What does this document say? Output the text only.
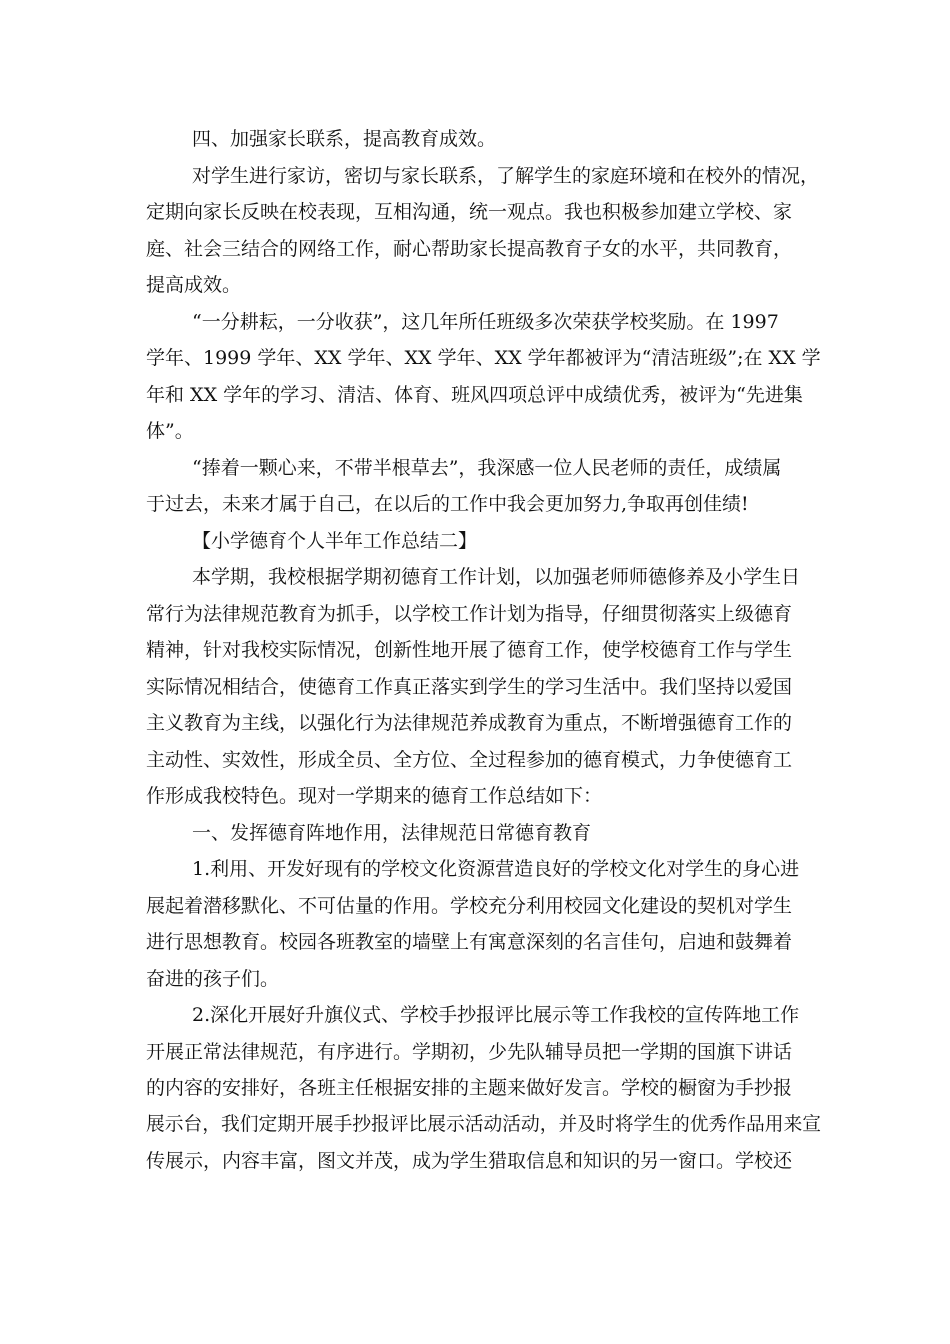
四、加强家长联系，提高教育成效。
对学生进行家访，密切与家长联系，了解学生的家庭环境和在校外的情况，
定期向家长反映在校表现，互相沟通，统一观点。我也积极参加建立学校、家
庭、社会三结合的网络工作，耐心帮助家长提高教育子女的水平，共同教育，
提高成效。
“一分耕耘，一分收获”，这几年所任班级多次荣获学校奖励。在 1997
学年、1999 学年、XX 学年、XX 学年、XX 学年都被评为“清洁班级”;在 XX 学
年和 XX 学年的学习、清洁、体育、班风四项总评中成绩优秀，被评为“先进集
体”。
“捧着一颗心来，不带半根草去”，我深感一位人民老师的责任，成绩属
于过去，未来才属于自己，在以后的工作中我会更加努力,争取再创佳绩!
【小学德育个人半年工作总结二】
本学期，我校根据学期初德育工作计划，以加强老师师德修养及小学生日
常行为法律规范教育为抓手，以学校工作计划为指导，仔细贯彻落实上级德育
精神，针对我校实际情况，创新性地开展了德育工作，使学校德育工作与学生
实际情况相结合，使德育工作真正落实到学生的学习生活中。我们坚持以爱国
主义教育为主线，以强化行为法律规范养成教育为重点，不断增强德育工作的
主动性、实效性，形成全员、全方位、全过程参加的德育模式，力争使德育工
作形成我校特色。现对一学期来的德育工作总结如下：
一、发挥德育阵地作用，法律规范日常德育教育
1.利用、开发好现有的学校文化资源营造良好的学校文化对学生的身心进
展起着潜移默化、不可估量的作用。学校充分利用校园文化建设的契机对学生
进行思想教育。校园各班教室的墙壁上有寓意深刻的名言佳句，启迪和鼓舞着
奋进的孩子们。
2.深化开展好升旗仪式、学校手抄报评比展示等工作我校的宣传阵地工作
开展正常法律规范，有序进行。学期初，少先队辅导员把一学期的国旗下讲话
的内容的安排好，各班主任根据安排的主题来做好发言。学校的橱窗为手抄报
展示台，我们定期开展手抄报评比展示活动活动，并及时将学生的优秀作品用来宣
传展示，内容丰富，图文并茂，成为学生猎取信息和知识的另一窗口。学校还
